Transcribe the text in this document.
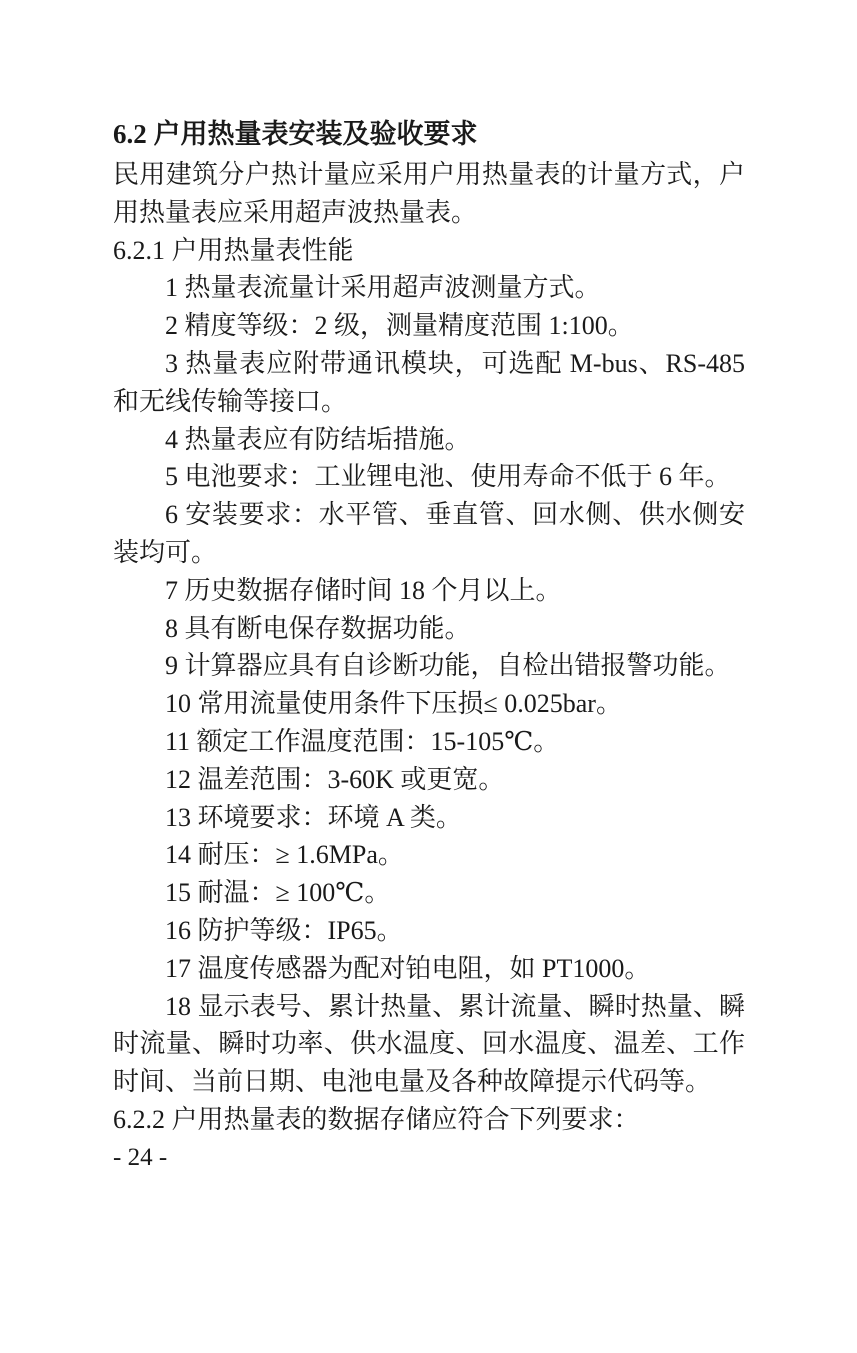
6.2 户用热量表安装及验收要求

民用建筑分户热计量应采用户用热量表的计量方式，户用热量表应采用超声波热量表。

6.2.1 户用热量表性能

1 热量表流量计采用超声波测量方式。

2 精度等级：2 级，测量精度范围 1:100。

3 热量表应附带通讯模块，可选配 M-bus、RS-485 和无线传输等接口。

4 热量表应有防结垢措施。

5 电池要求：工业锂电池、使用寿命不低于 6 年。

6 安装要求：水平管、垂直管、回水侧、供水侧安装均可。

7 历史数据存储时间 18 个月以上。

8 具有断电保存数据功能。

9 计算器应具有自诊断功能，自检出错报警功能。

10 常用流量使用条件下压损≤ 0.025bar。

11 额定工作温度范围：15-105℃。

12 温差范围：3-60K 或更宽。

13 环境要求：环境 A 类。

14 耐压：≥ 1.6MPa。

15 耐温：≥ 100℃。

16 防护等级：IP65。

17 温度传感器为配对铂电阻，如 PT1000。

18 显示表号、累计热量、累计流量、瞬时热量、瞬时流量、瞬时功率、供水温度、回水温度、温差、工作时间、当前日期、电池电量及各种故障提示代码等。

6.2.2 户用热量表的数据存储应符合下列要求：

- 24 -
